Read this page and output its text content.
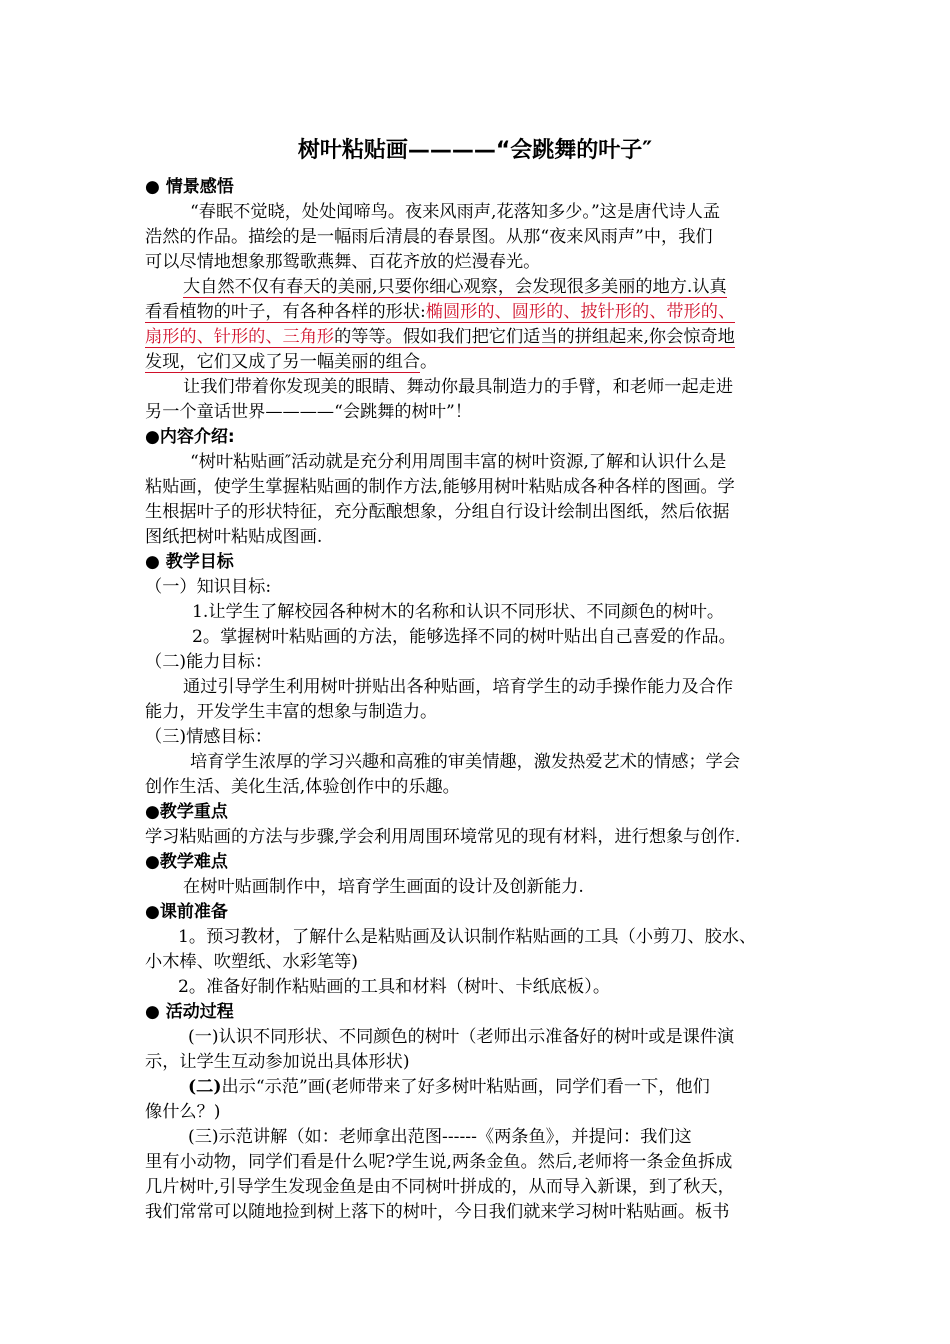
树叶粘贴画————“会跳舞的叶子″
● 情景感悟
“春眠不觉晓，处处闻啼鸟。夜来风雨声,花落知多少。”这是唐代诗人孟
浩然的作品。描绘的是一幅雨后清晨的春景图。从那“夜来风雨声”中，我们
可以尽情地想象那鸳歌燕舞、百花齐放的烂漫春光。
大自然不仅有春天的美丽,只要你细心观察，会发现很多美丽的地方.认真
看看植物的叶子，有各种各样的形状:椭圆形的、圆形的、披针形的、带形的、
扇形的、针形的、三角形的等等。假如我们把它们适当的拼组起来,你会惊奇地
发现，它们又成了另一幅美丽的组合。
让我们带着你发现美的眼睛、舞动你最具制造力的手臂，和老师一起走进
另一个童话世界————“会跳舞的树叶”！
●内容介绍:
“树叶粘贴画″活动就是充分利用周围丰富的树叶资源,了解和认识什么是
粘贴画，使学生掌握粘贴画的制作方法,能够用树叶粘贴成各种各样的图画。学
生根据叶子的形状特征，充分酝酿想象，分组自行设计绘制出图纸，然后依据
图纸把树叶粘贴成图画.
● 教学目标
（一）知识目标:
1.让学生了解校园各种树木的名称和认识不同形状、不同颜色的树叶。
2。掌握树叶粘贴画的方法，能够选择不同的树叶贴出自己喜爱的作品。
（二)能力目标：
通过引导学生利用树叶拼贴出各种贴画，培育学生的动手操作能力及合作
能力，开发学生丰富的想象与制造力。
（三)情感目标：
培育学生浓厚的学习兴趣和高雅的审美情趣，激发热爱艺术的情感；学会
创作生活、美化生活,体验创作中的乐趣。
●教学重点
学习粘贴画的方法与步骤,学会利用周围环境常见的现有材料，进行想象与创作.
●教学难点
在树叶贴画制作中，培育学生画面的设计及创新能力.
●课前准备
1。预习教材，了解什么是粘贴画及认识制作粘贴画的工具（小剪刀、胶水、
小木棒、吹塑纸、水彩笔等)
2。准备好制作粘贴画的工具和材料（树叶、卡纸底板）。
● 活动过程
(一)认识不同形状、不同颜色的树叶（老师出示准备好的树叶或是课件演
示，让学生互动参加说出具体形状)
(二)出示“示范”画(老师带来了好多树叶粘贴画，同学们看一下，他们
像什么？)
(三)示范讲解（如：老师拿出范图------《两条鱼》，并提问：我们这
里有小动物，同学们看是什么呢?学生说,两条金鱼。然后,老师将一条金鱼拆成
几片树叶,引导学生发现金鱼是由不同树叶拼成的，从而导入新课，到了秋天，
我们常常可以随地捡到树上落下的树叶，今日我们就来学习树叶粘贴画。板书
